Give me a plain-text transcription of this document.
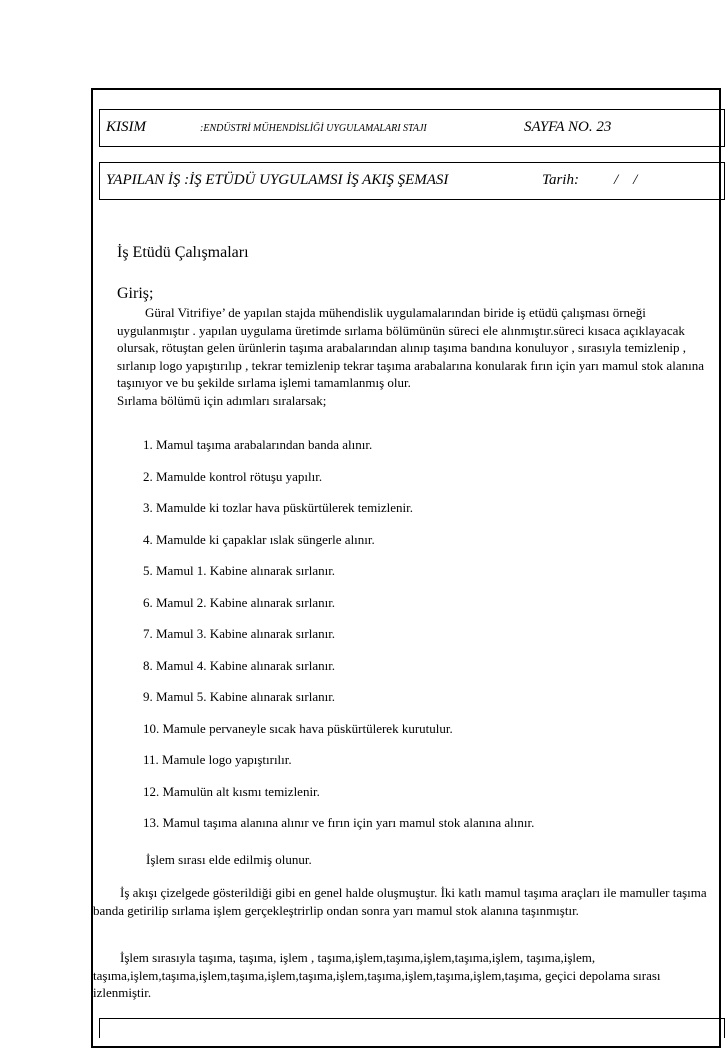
KISIM	:ENDÜSTRİ MÜHENDİSLİĞİ UYGULAMALARI STAJI	SAYFA NO. 23
YAPILAN İŞ :İŞ ETÜDÜ UYGULAMSI İŞ AKIŞ ŞEMASI	Tarih: /    /
İş Etüdü Çalışmaları
Giriş;

Güral Vitrifiye’ de yapılan stajda mühendislik uygulamalarından biride iş etüdü çalışması örneği uygulanmıştır . yapılan uygulama üretimde sırlama bölümünün süreci ele alınmıştır.süreci kısaca açıklayacak olursak, rötuştan gelen ürünlerin taşıma arabalarından alınıp taşıma bandına konuluyor , sırasıyla temizlenip , sırlanıp logo yapıştırılıp , tekrar temizlenip tekrar taşıma arabalarına konularak fırın için yarı mamul stok alanına taşınıyor ve bu şekilde sırlama işlemi tamamlanmış olur.

Sırlama bölümü için adımları sıralarsak;

1. Mamul taşıma arabalarından banda alınır.
2. Mamulde kontrol rötuşu yapılır.
3. Mamulde ki tozlar hava püskürtülerek temizlenir.
4. Mamulde ki çapaklar ıslak süngerle alınır.
5. Mamul 1. Kabine alınarak sırlanır.
6. Mamul 2. Kabine alınarak sırlanır.
7. Mamul 3. Kabine alınarak sırlanır.
8. Mamul 4. Kabine alınarak sırlanır.
9. Mamul 5. Kabine alınarak sırlanır.
10. Mamule pervaneyle sıcak hava püskürtülerek kurutulur.
11. Mamule logo yapıştırılır.
12. Mamulün alt kısmı temizlenir.
13. Mamul taşıma alanına alınır ve fırın için yarı mamul stok alanına alınır.
İşlem sırası elde edilmiş olunur.

İş akışı çizelgede gösterildiği gibi en genel halde oluşmuştur. İki katlı mamul taşıma araçları ile mamuller taşıma banda getirilip sırlama işlem gerçekleştrirlip ondan sonra yarı mamul stok alanına taşınmıştır.

İşlem sırasıyla taşıma, taşıma, işlem , taşıma,işlem,taşıma,işlem,taşıma,işlem, taşıma,işlem, taşıma,işlem,taşıma,işlem,taşıma,işlem,taşıma,işlem,taşıma,işlem,taşıma,işlem,taşıma, geçici depolama sırası izlenmiştir.
